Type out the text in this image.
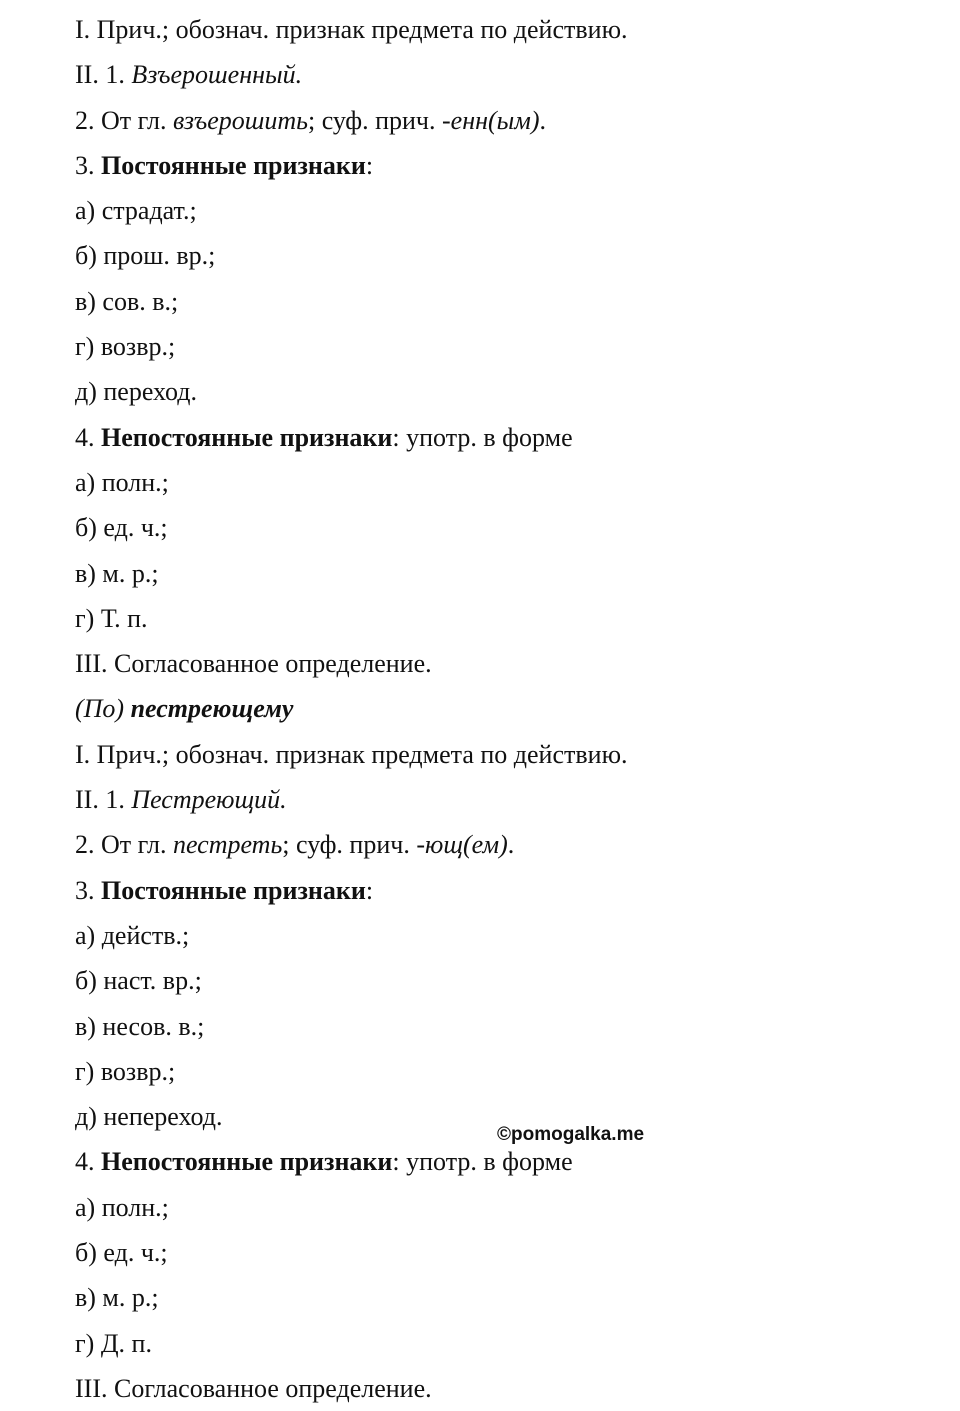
I. Прич.; обознач. признак предмета по действию.
II. 1. Взъерошенный.
2. От гл. взъерошить; суф. прич. -енн(ым).
3. Постоянные признаки:
а) страдат.;
б) прош. вр.;
в) сов. в.;
г) возвр.;
д) переход.
4. Непостоянные признаки: употр. в форме
а) полн.;
б) ед. ч.;
в) м. р.;
г) Т. п.
III. Согласованное определение.
(По) пестреющему
I. Прич.; обознач. признак предмета по действию.
II. 1. Пестреющий.
2. От гл. пестреть; суф. прич. -ющ(ем).
3. Постоянные признаки:
а) действ.;
б) наст. вр.;
в) несов. в.;
г) возвр.;
д) непереход.
4. Непостоянные признаки: употр. в форме
а) полн.;
б) ед. ч.;
в) м. р.;
г) Д. п.
III. Согласованное определение.
©pomogalka.me
